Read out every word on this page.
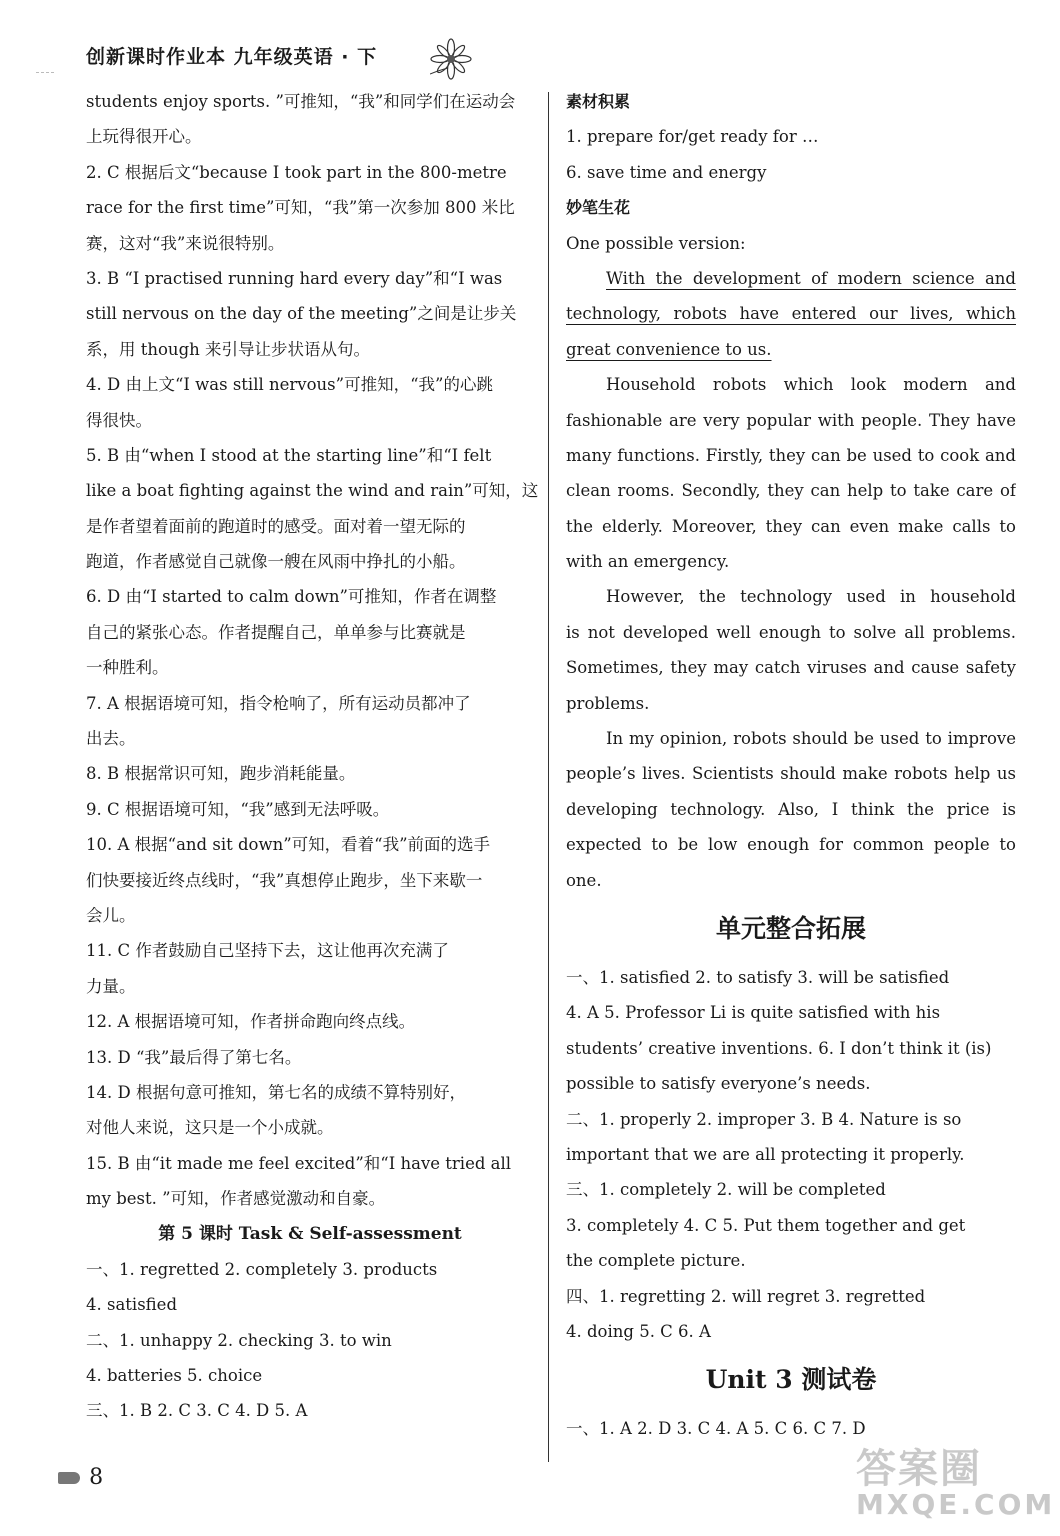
创新课时作业本 九年级英语 · 下
students enjoy sports. ”可推知，“我”和同学们在运动会
上玩得很开心。
2. C 根据后文“because I took part in the 800-metre
race for the first time”可知，“我”第一次参加 800 米比
赛，这对“我”来说很特别。
3. B “I practised running hard every day”和“I was
still nervous on the day of the meeting”之间是让步关
系，用 though 来引导让步状语从句。
4. D 由上文“I was still nervous”可推知，“我”的心跳
得很快。
5. B 由“when I stood at the starting line”和“I felt
like a boat fighting against the wind and rain”可知，这
是作者望着面前的跑道时的感受。面对着一望无际的
跑道，作者感觉自己就像一艘在风雨中挣扎的小船。
6. D 由“I started to calm down”可推知，作者在调整
自己的紧张心态。作者提醒自己，单单参与比赛就是
一种胜利。
7. A 根据语境可知，指令枪响了，所有运动员都冲了
出去。
8. B 根据常识可知，跑步消耗能量。
9. C 根据语境可知，“我”感到无法呼吸。
10. A 根据“and sit down”可知，看着“我”前面的选手
们快要接近终点线时，“我”真想停止跑步，坐下来歇一
会儿。
11. C 作者鼓励自己坚持下去，这让他再次充满了
力量。
12. A 根据语境可知，作者拼命跑向终点线。
13. D “我”最后得了第七名。
14. D 根据句意可推知，第七名的成绩不算特别好，
对他人来说，这只是一个小成就。
15. B 由“it made me feel excited”和“I have tried all
my best. ”可知，作者感觉激动和自豪。
第 5 课时 Task & Self-assessment
一、1. regretted 2. completely 3. products
4. satisfied
二、1. unhappy 2. checking 3. to win
4. batteries 5. choice
三、1. B 2. C 3. C 4. D 5. A
素材积累
1. prepare for/get ready for …
6. save time and energy
妙笔生花
One possible version:
With the development of modern science and
technology, robots have entered our lives, which
great convenience to us.
Household robots which look modern and
fashionable are very popular with people. They have
many functions. Firstly, they can be used to cook and
clean rooms. Secondly, they can help to take care of
the elderly. Moreover, they can even make calls to
with an emergency.
However, the technology used in household
is not developed well enough to solve all problems.
Sometimes, they may catch viruses and cause safety
problems.
In my opinion, robots should be used to improve
people’s lives. Scientists should make robots help us
developing technology. Also, I think the price is
expected to be low enough for common people to
one.
单元整合拓展
一、1. satisfied 2. to satisfy 3. will be satisfied
4. A 5. Professor Li is quite satisfied with his
students’ creative inventions. 6. I don’t think it (is)
possible to satisfy everyone’s needs.
二、1. properly 2. improper 3. B 4. Nature is so
important that we are all protecting it properly.
三、1. completely 2. will be completed
3. completely 4. C 5. Put them together and get
the complete picture.
四、1. regretting 2. will regret 3. regretted
4. doing 5. C 6. A
Unit 3 测试卷
一、1. A 2. D 3. C 4. A 5. C 6. C 7. D
8	答案圈
MXQE.COM
